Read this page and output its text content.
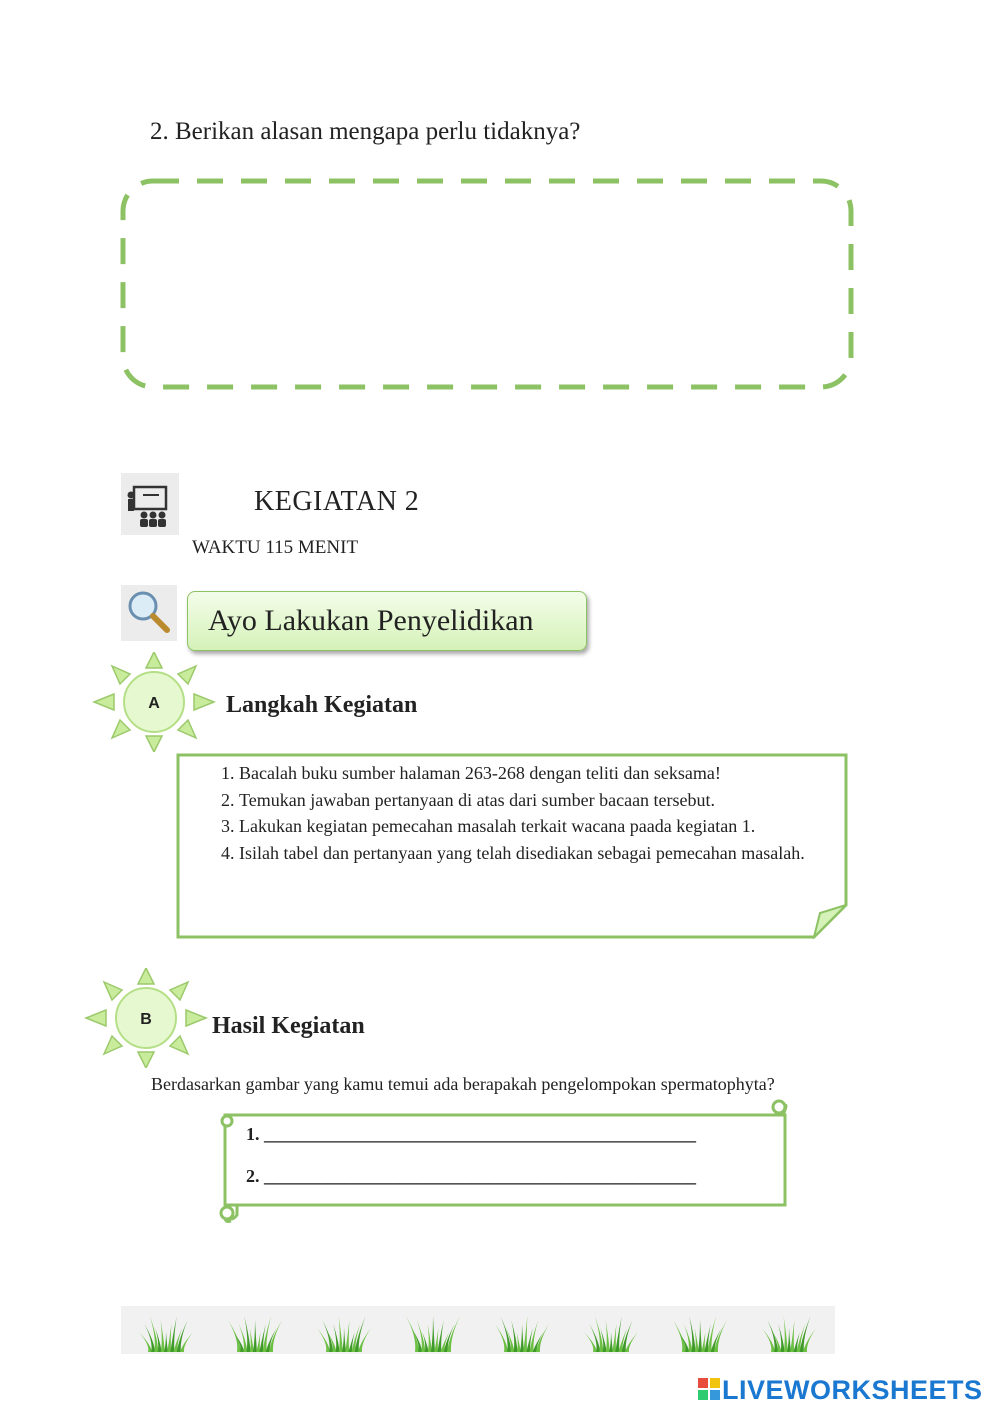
2. Berikan alasan mengapa perlu tidaknya?
KEGIATAN 2
WAKTU 115 MENIT
Ayo Lakukan Penyelidikan
A	Langkah Kegiatan
1. Bacalah buku sumber halaman 263-268 dengan teliti dan seksama!
2. Temukan jawaban pertanyaan di atas dari sumber bacaan tersebut.
3. Lakukan kegiatan pemecahan masalah terkait wacana paada kegiatan 1.
4. Isilah tabel dan pertanyaan yang telah disediakan sebagai pemecahan masalah.
B	Hasil Kegiatan
Berdasarkan gambar yang kamu temui ada berapakah pengelompokan spermatophyta?
1. ________________________________________________
2. ________________________________________________
LIVEWORKSHEETS
